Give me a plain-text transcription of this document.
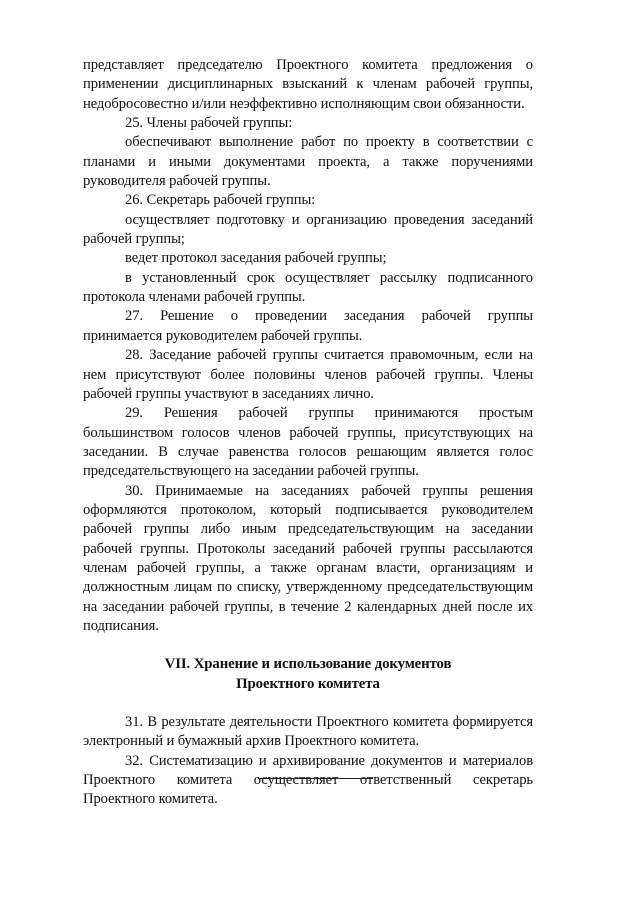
представляет председателю Проектного комитета предложения о применении дисциплинарных взысканий к членам рабочей группы, недобросовестно и/или неэффективно исполняющим свои обязанности.

25. Члены рабочей группы:

обеспечивают выполнение работ по проекту в соответствии с планами и иными документами проекта, а также поручениями руководителя рабочей группы.

26. Секретарь рабочей группы:

осуществляет подготовку и организацию проведения заседаний рабочей группы;

ведет протокол заседания рабочей группы;

в установленный срок осуществляет рассылку подписанного протокола членами рабочей группы.

27. Решение о проведении заседания рабочей группы принимается руководителем рабочей группы.

28. Заседание рабочей группы считается правомочным, если на нем присутствуют более половины членов рабочей группы. Члены рабочей группы участвуют в заседаниях лично.

29. Решения рабочей группы принимаются простым большинством голосов членов рабочей группы, присутствующих на заседании. В случае равенства голосов решающим является голос председательствующего на заседании рабочей группы.

30. Принимаемые на заседаниях рабочей группы решения оформляются протоколом, который подписывается руководителем рабочей группы либо иным председательствующим на заседании рабочей группы. Протоколы заседаний рабочей группы рассылаются членам рабочей группы, а также органам власти, организациям и должностным лицам по списку, утвержденному председательствующим на заседании рабочей группы, в течение 2 календарных дней после их подписания.

VII. Хранение и использование документов

Проектного комитета

31. В результате деятельности Проектного комитета формируется электронный и бумажный архив Проектного комитета.

32. Систематизацию и архивирование документов и материалов Проектного комитета осуществляет ответственный секретарь Проектного комитета.
